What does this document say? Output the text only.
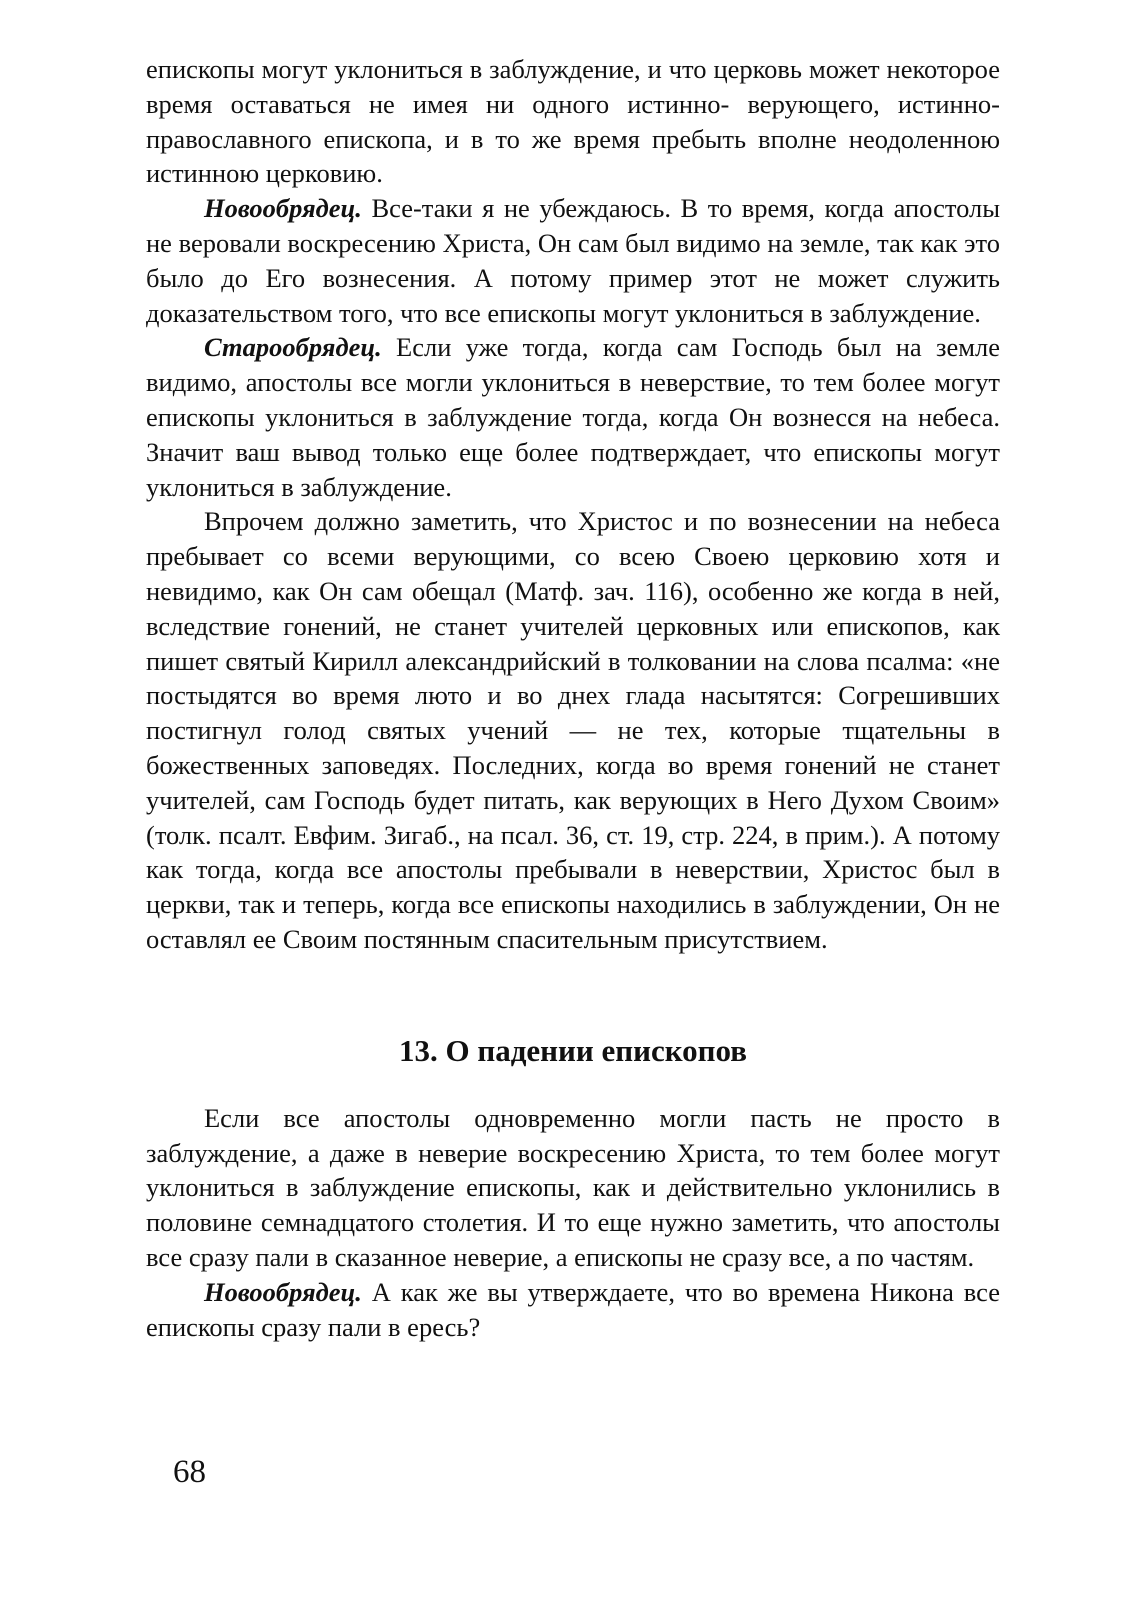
епископы могут уклониться в заблуждение, и что церковь может некоторое время оставаться не имея ни одного истинно- верующего, истинно- православного епископа, и в то же время пребыть вполне неодоленною истинною церковию.

Новообрядец. Все-таки я не убеждаюсь. В то время, когда апостолы не веровали воскресению Христа, Он сам был видимо на земле, так как это было до Его вознесения. А потому пример этот не может служить доказательством того, что все епископы могут уклониться в заблуждение.

Старообрядец. Если уже тогда, когда сам Господь был на земле видимо, апостолы все могли уклониться в неверствие, то тем более могут епископы уклониться в заблуждение тогда, когда Он вознесся на небеса. Значит ваш вывод только еще более подтверждает, что епископы могут уклониться в заблуждение.

Впрочем должно заметить, что Христос и по вознесении на небеса пребывает со всеми верующими, со всею Своею церковию хотя и невидимо, как Он сам обещал (Матф. зач. 116), особенно же когда в ней, вследствие гонений, не станет учителей церковных или епископов, как пишет святый Кирилл александрийский в толковании на слова псалма: «не постыдятся во время люто и во днех глада насытятся: Согрешивших постигнул голод святых учений — не тех, которые тщательны в божественных заповедях. Последних, когда во время гонений не станет учителей, сам Господь будет питать, как верующих в Него Духом Своим» (толк. псалт. Евфим. Зигаб., на псал. 36, ст. 19, стр. 224, в прим.). А потому как тогда, когда все апостолы пребывали в неверствии, Христос был в церкви, так и теперь, когда все епископы находились в заблуждении, Он не оставлял ее Своим постянным спасительным присутствием.

13. О падении епископов

Если все апостолы одновременно могли пасть не просто в заблуждение, а даже в неверие воскресению Христа, то тем более могут уклониться в заблуждение епископы, как и действительно уклонились в половине семнадцатого столетия. И то еще нужно заметить, что апостолы все сразу пали в сказанное неверие, а епископы не сразу все, а по частям.

Новообрядец. А как же вы утверждаете, что во времена Никона все епископы сразу пали в ересь?

68
